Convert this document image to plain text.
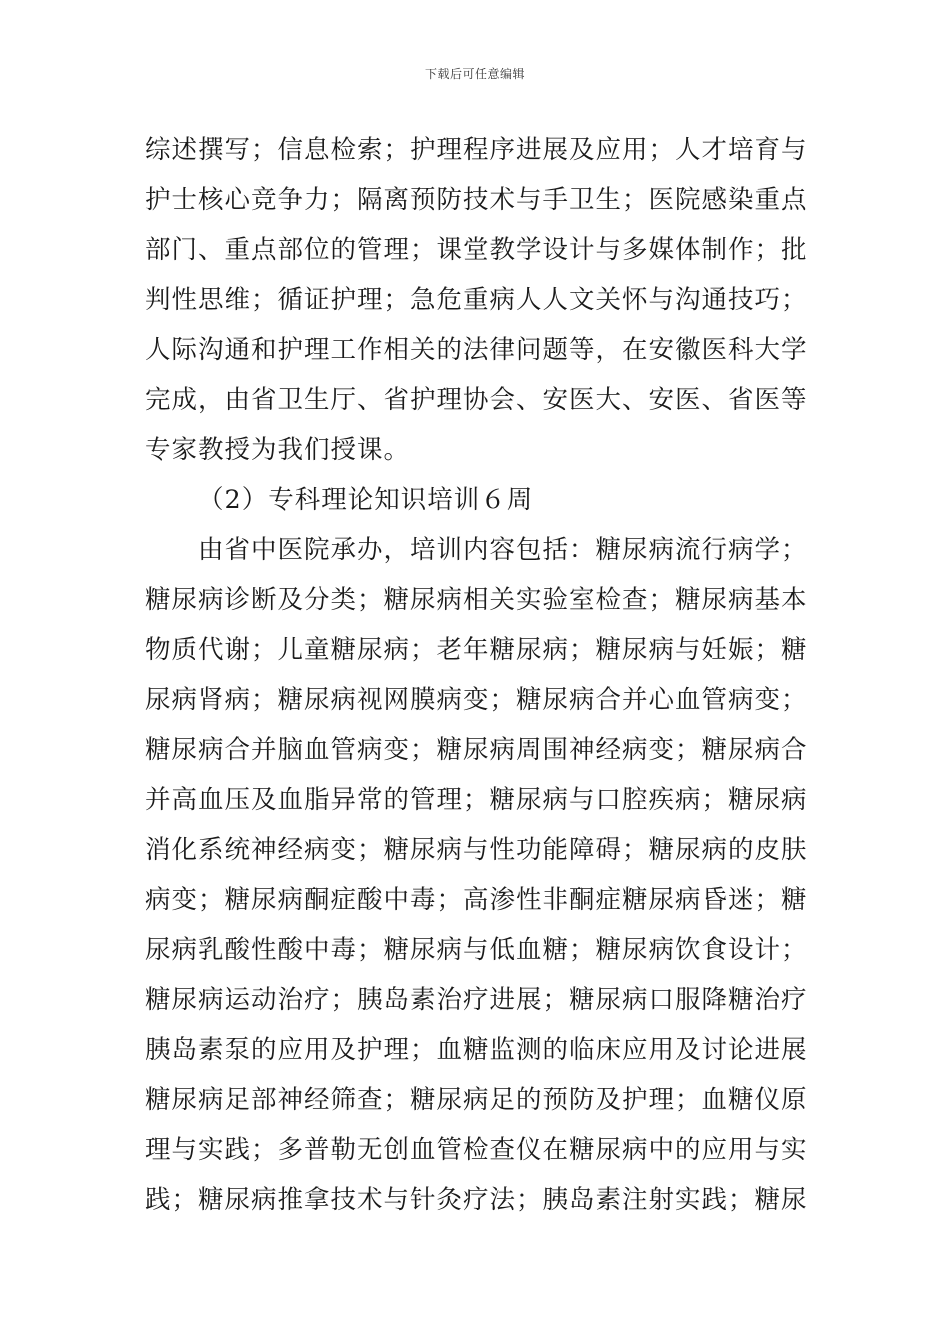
下载后可任意编辑
综述撰写；信息检索；护理程序进展及应用；人才培育与
护士核心竞争力；隔离预防技术与手卫生；医院感染重点
部门、重点部位的管理；课堂教学设计与多媒体制作；批
判性思维；循证护理；急危重病人人文关怀与沟通技巧；
人际沟通和护理工作相关的法律问题等，在安徽医科大学
完成，由省卫生厅、省护理协会、安医大、安医、省医等
专家教授为我们授课。
（2）专科理论知识培训６周
由省中医院承办，培训内容包括：糖尿病流行病学；
糖尿病诊断及分类；糖尿病相关实验室检查；糖尿病基本
物质代谢；儿童糖尿病；老年糖尿病；糖尿病与妊娠；糖
尿病肾病；糖尿病视网膜病变；糖尿病合并心血管病变；
糖尿病合并脑血管病变；糖尿病周围神经病变；糖尿病合
并高血压及血脂异常的管理；糖尿病与口腔疾病；糖尿病
消化系统神经病变；糖尿病与性功能障碍；糖尿病的皮肤
病变；糖尿病酮症酸中毒；高渗性非酮症糖尿病昏迷；糖
尿病乳酸性酸中毒；糖尿病与低血糖；糖尿病饮食设计；
糖尿病运动治疗；胰岛素治疗进展；糖尿病口服降糖治疗
胰岛素泵的应用及护理；血糖监测的临床应用及讨论进展
糖尿病足部神经筛查；糖尿病足的预防及护理；血糖仪原
理与实践；多普勒无创血管检查仪在糖尿病中的应用与实
践；糖尿病推拿技术与针灸疗法；胰岛素注射实践；糖尿
